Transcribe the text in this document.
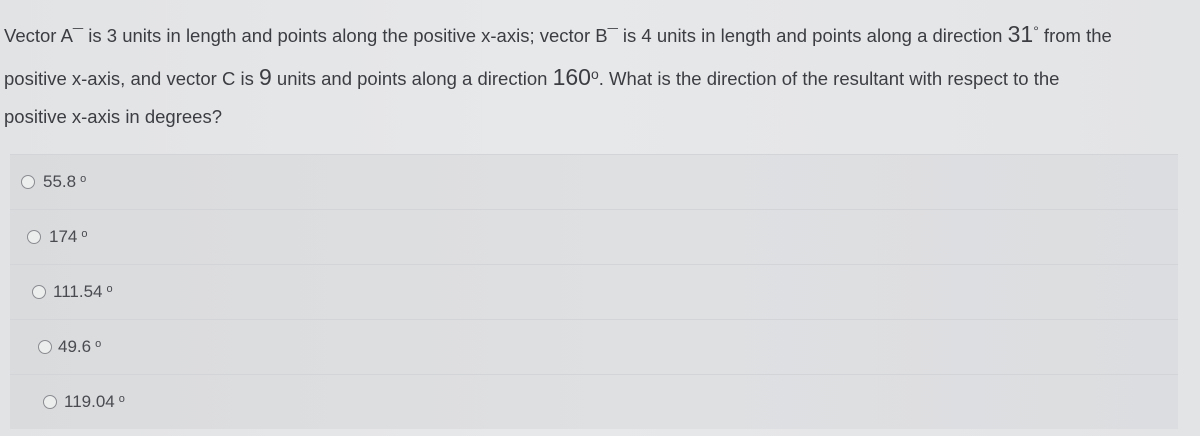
Vector A¯ is 3 units in length and points along the positive x-axis; vector B¯ is 4 units in length and points along a direction 31° from the
positive x-axis, and vector C is 9 units and points along a direction 160$^o$. What is the direction of the resultant with respect to the
positive x-axis in degrees?
55.8 $^o$
174 $^o$
111.54 $^o$
49.6 $^o$
119.04 $^o$
